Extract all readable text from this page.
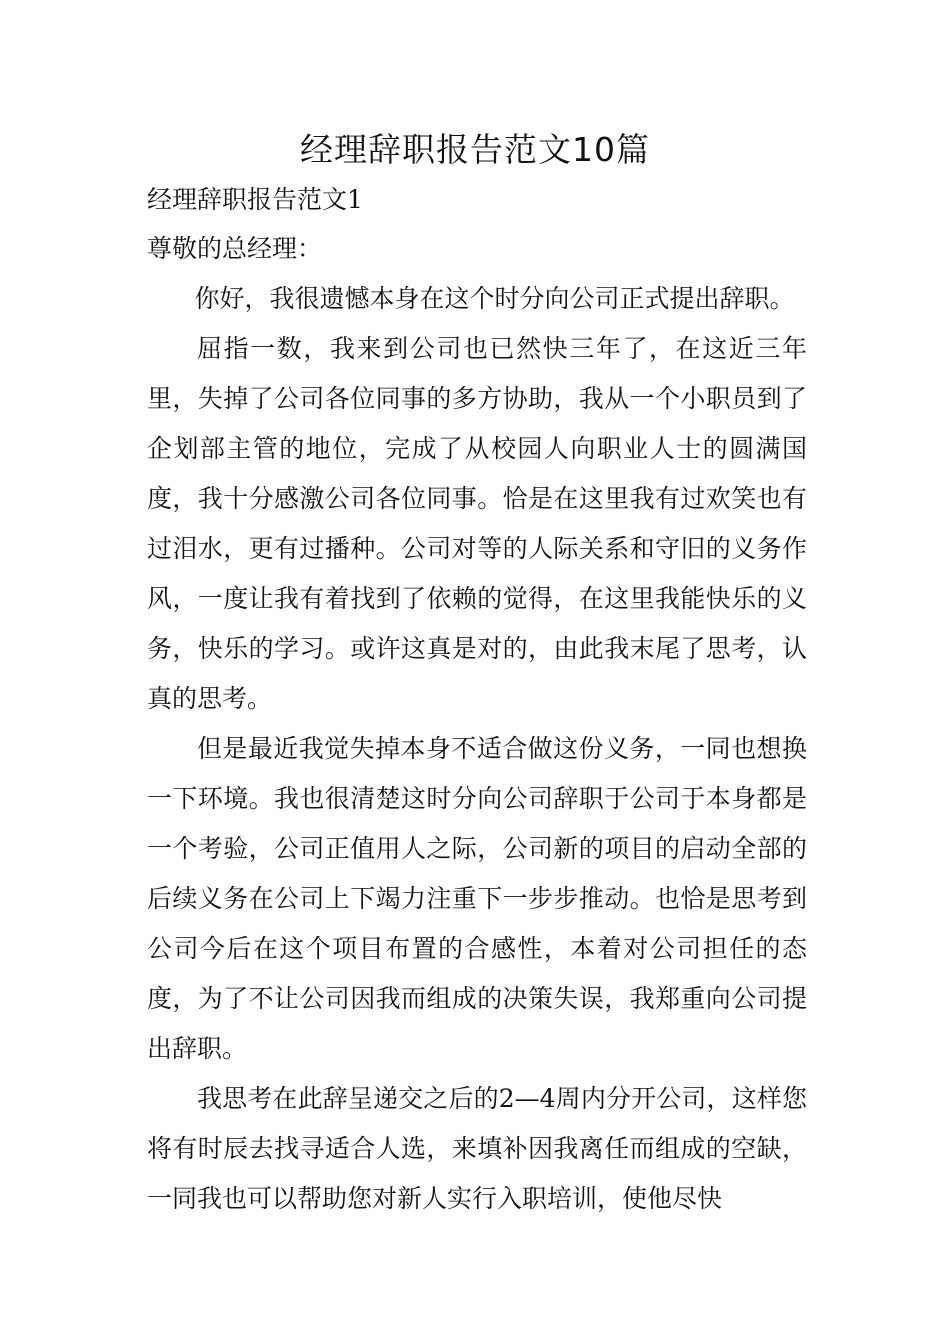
经理辞职报告范文10篇
经理辞职报告范文1
尊敬的总经理：

你好，我很遗憾本身在这个时分向公司正式提出辞职。

屈指一数，我来到公司也已然快三年了，在这近三年里，失掉了公司各位同事的多方协助，我从一个小职员到了企划部主管的地位，完成了从校园人向职业人士的圆满国度，我十分感激公司各位同事。恰是在这里我有过欢笑也有过泪水，更有过播种。公司对等的人际关系和守旧的义务作风，一度让我有着找到了依赖的觉得，在这里我能快乐的义务，快乐的学习。或许这真是对的，由此我末尾了思考，认真的思考。

但是最近我觉失掉本身不适合做这份义务，一同也想换一下环境。我也很清楚这时分向公司辞职于公司于本身都是一个考验，公司正值用人之际，公司新的项目的启动全部的后续义务在公司上下竭力注重下一步步推动。也恰是思考到公司今后在这个项目布置的合感性，本着对公司担任的态度，为了不让公司因我而组成的决策失误，我郑重向公司提出辞职。

我思考在此辞呈递交之后的2—4周内分开公司，这样您将有时辰去找寻适合人选，来填补因我离任而组成的空缺，一同我也可以帮助您对新人实行入职培训，使他尽快
